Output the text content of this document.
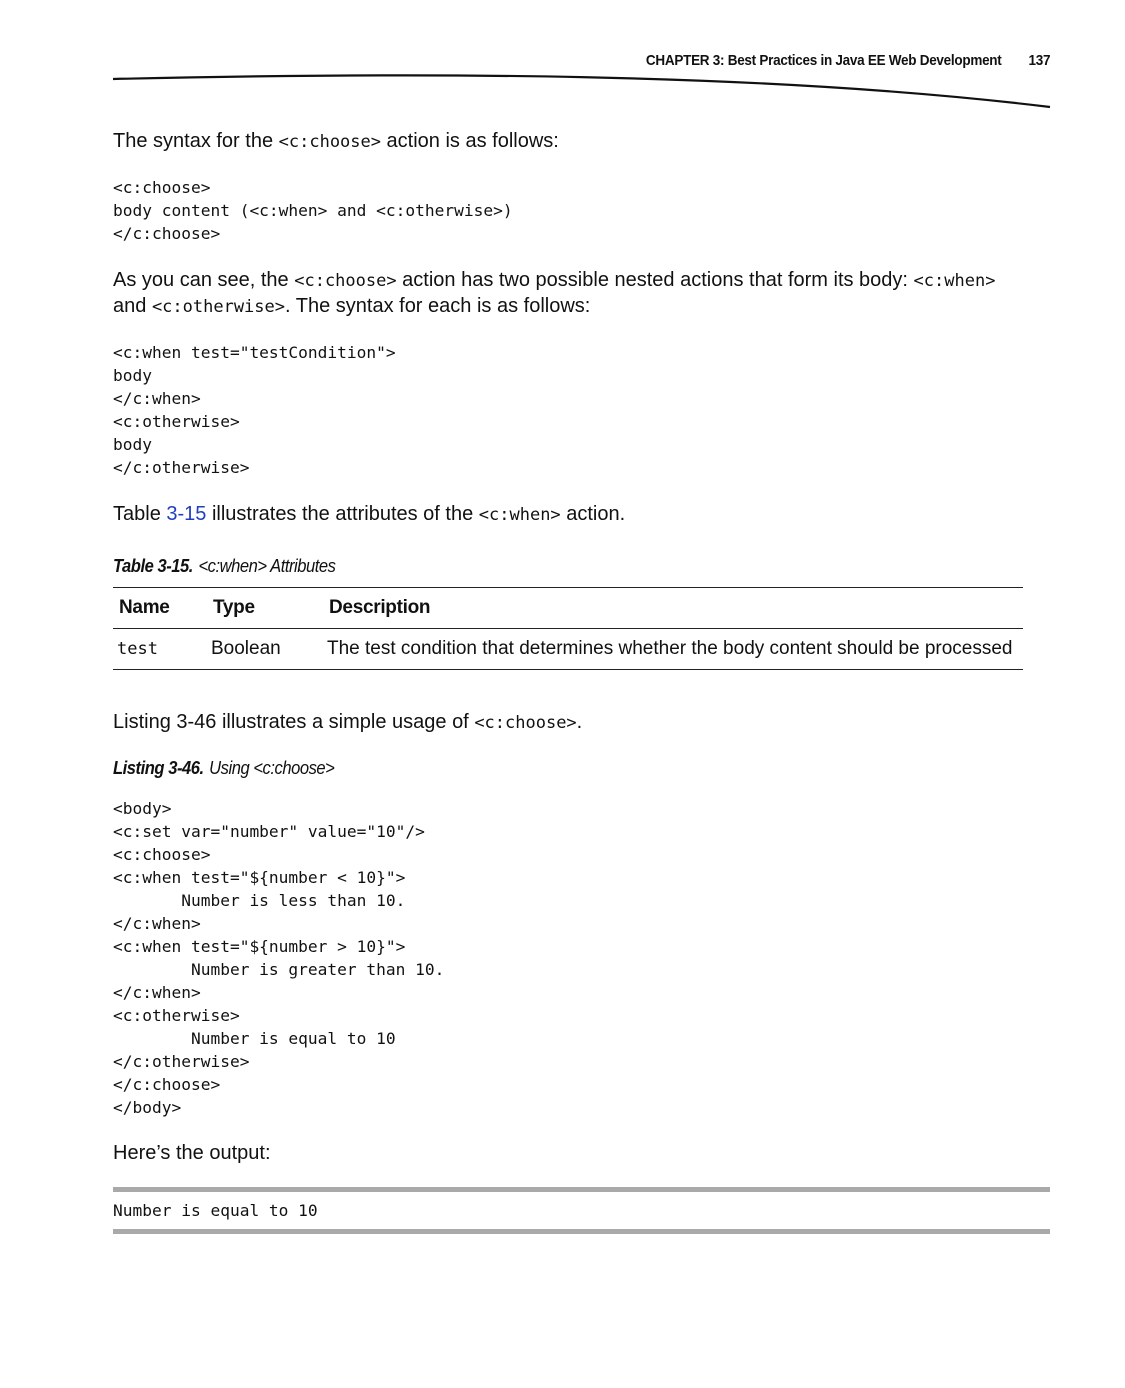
CHAPTER 3: Best Practices in Java EE Web Development 137
The syntax for the <c:choose> action is as follows:
<c:choose>
body content (<c:when> and <c:otherwise>)
</c:choose>
As you can see, the <c:choose> action has two possible nested actions that form its body: <c:when>
and <c:otherwise>. The syntax for each is as follows:
<c:when test="testCondition">
body
</c:when>
<c:otherwise>
body
</c:otherwise>
Table 3-15 illustrates the attributes of the <c:when> action.
Table 3-15. <c:when> Attributes
Name	Type	Description
test	Boolean	The test condition that determines whether the body content should be processed
Listing 3-46 illustrates a simple usage of <c:choose>.
Listing 3-46. Using <c:choose>
<body>
<c:set var="number" value="10"/>
<c:choose>
<c:when test="${number < 10}">
Number is less than 10.
</c:when>
<c:when test="${number > 10}">
Number is greater than 10.
</c:when>
<c:otherwise>
Number is equal to 10
</c:otherwise>
</c:choose>
</body>
Here’s the output:
Number is equal to 10
